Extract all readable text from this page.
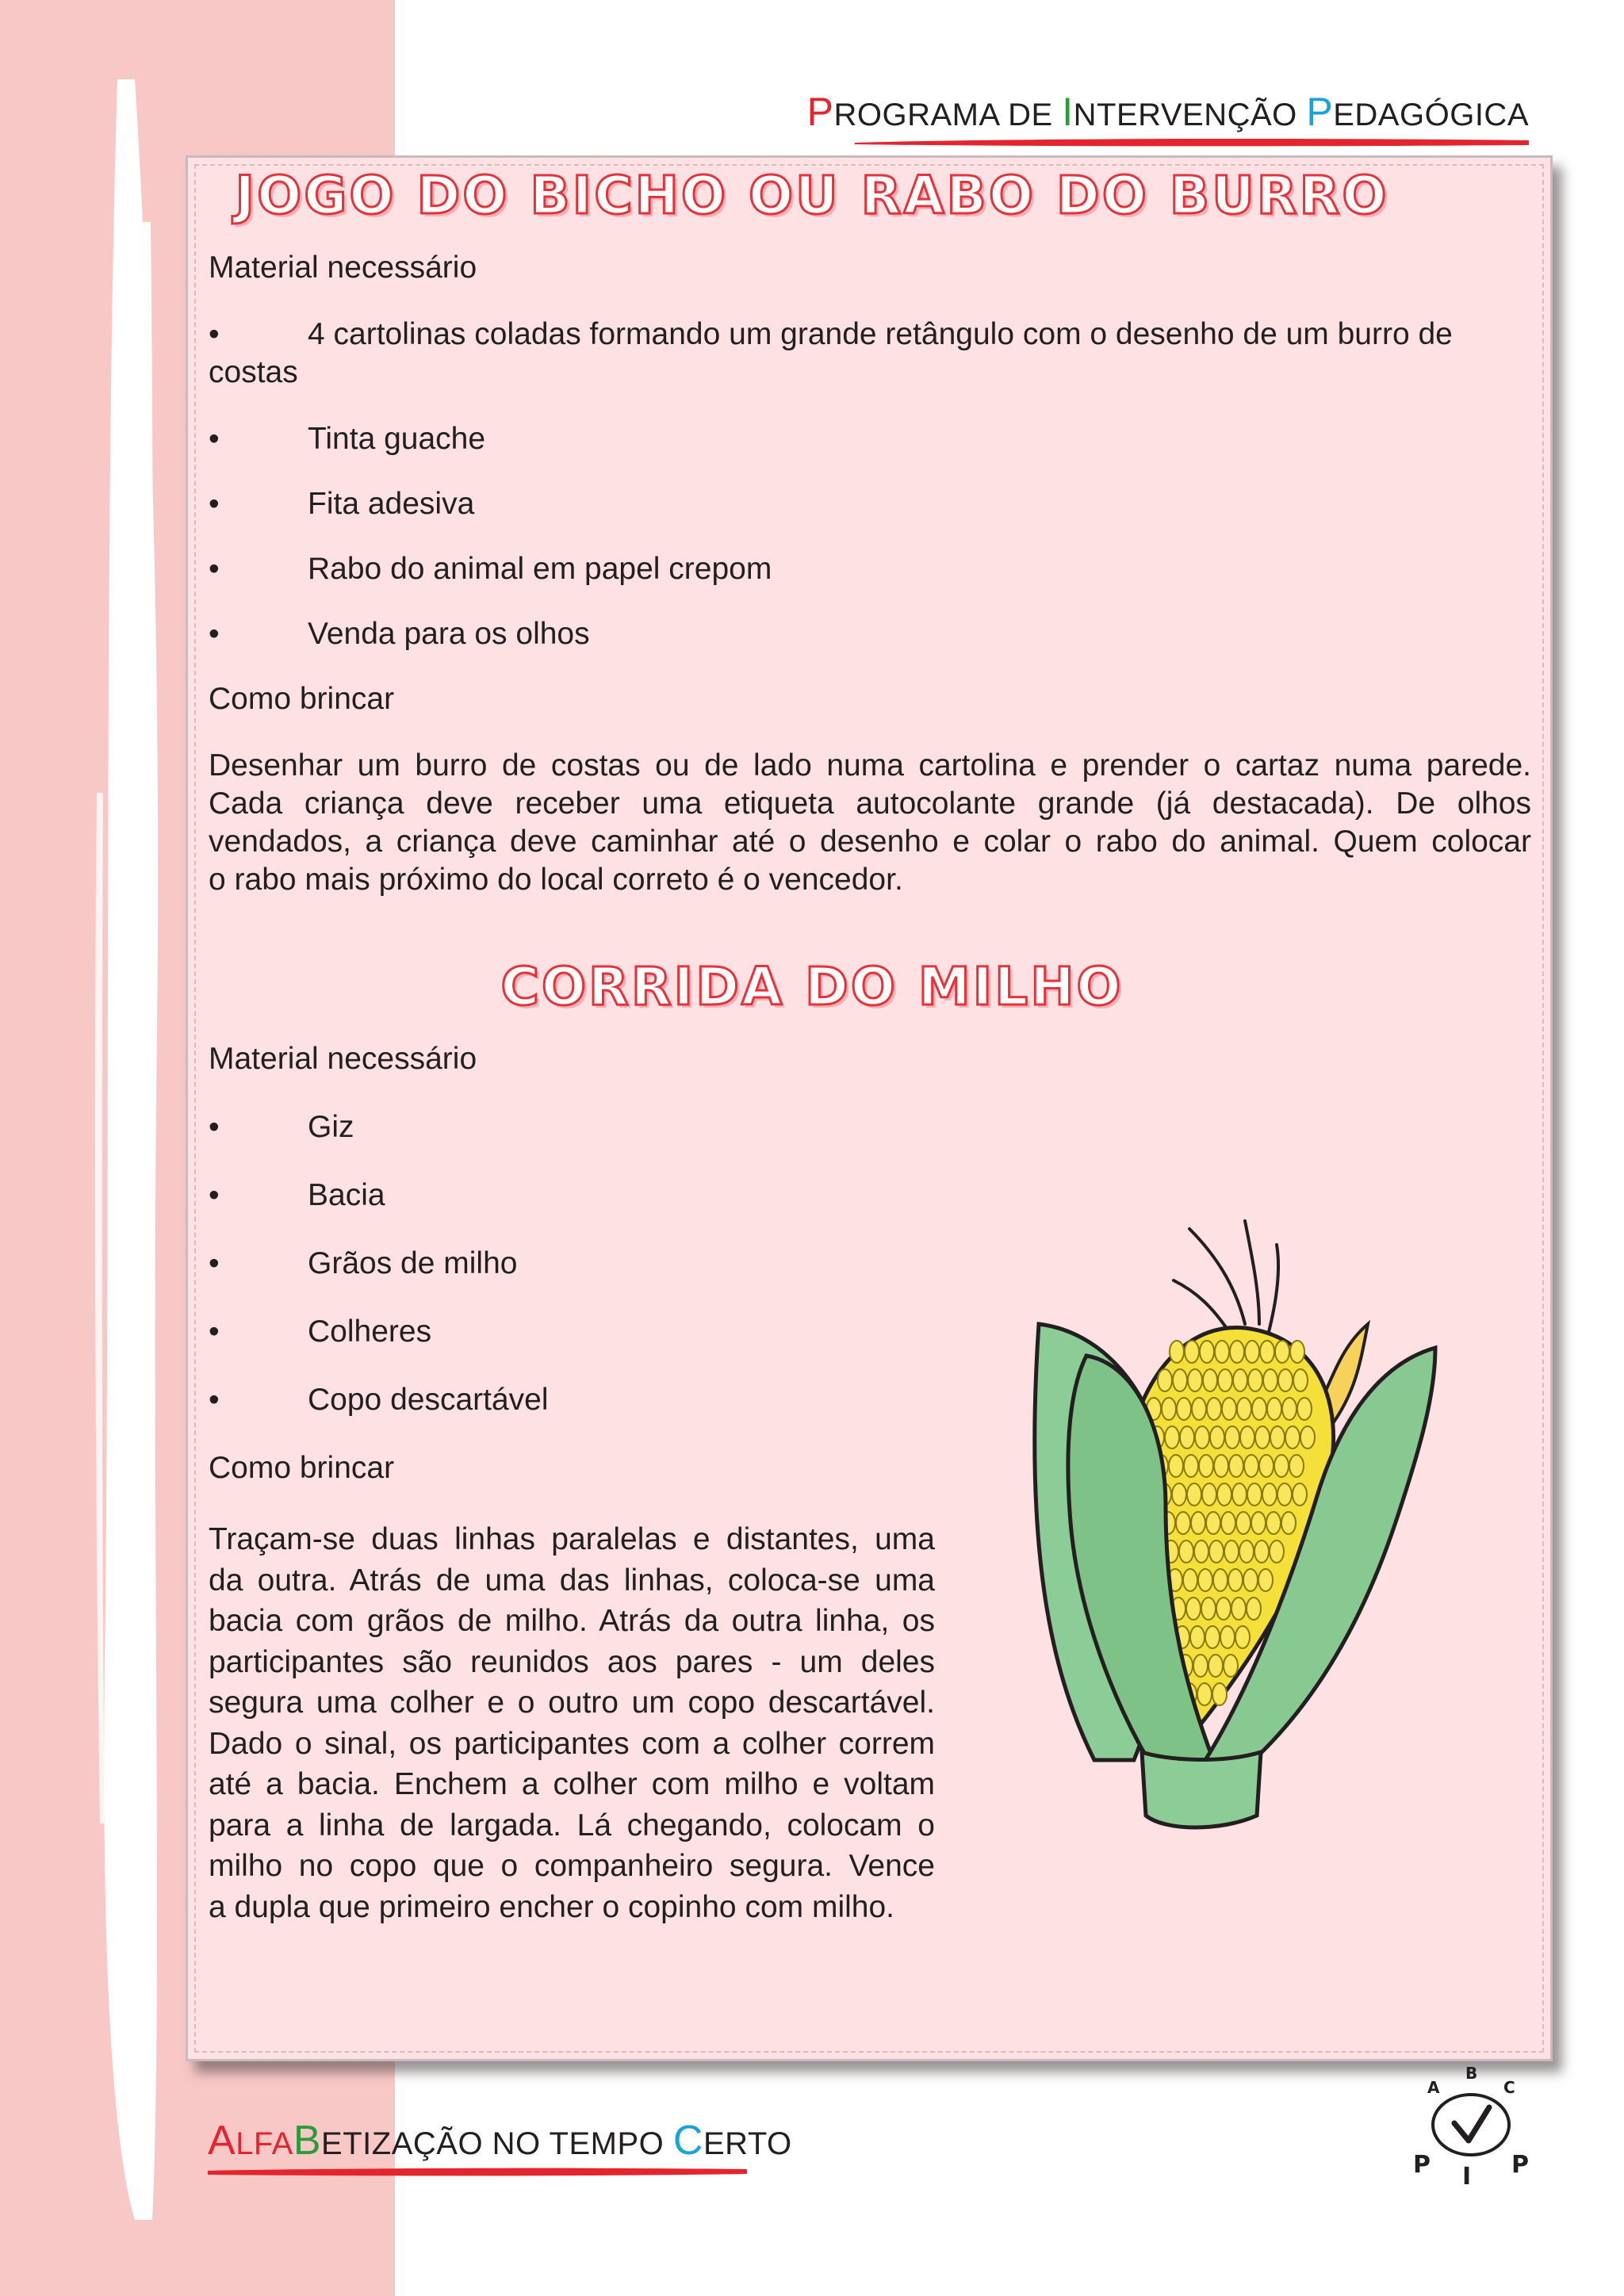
PROGRAMA DE INTERVENÇÃO PEDAGÓGICA
JOGO DO BICHO OU RABO DO BURRO
Material necessário
•	4 cartolinas coladas formando um grande retângulo com o desenho de um burro de
costas
•	Tinta guache
•	Fita adesiva
•	Rabo do animal em papel crepom
•	Venda para os olhos
Como brincar
Desenhar um burro de costas ou de lado numa cartolina e prender o cartaz numa parede.
Cada criança deve receber uma etiqueta autocolante grande (já destacada). De olhos
vendados, a criança deve caminhar até o desenho e colar o rabo do animal. Quem colocar
o rabo mais próximo do local correto é o vencedor.
CORRIDA DO MILHO
Material necessário
•	Giz
•	Bacia
•	Grãos de milho
•	Colheres
•	Copo descartável
Como brincar
Traçam-se duas linhas paralelas e distantes, uma
da outra. Atrás de uma das linhas, coloca-se uma
bacia com grãos de milho. Atrás da outra linha, os
participantes são reunidos aos pares - um deles
segura uma colher e o outro um copo descartável.
Dado o sinal, os participantes com a colher correm
até a bacia. Enchem a colher com milho e voltam
para a linha de largada. Lá chegando, colocam o
milho no copo que o companheiro segura. Vence
a dupla que primeiro encher o copinho com milho.
ALFABETIZAÇÃO NO TEMPO CERTO
A
B
C
P I P
